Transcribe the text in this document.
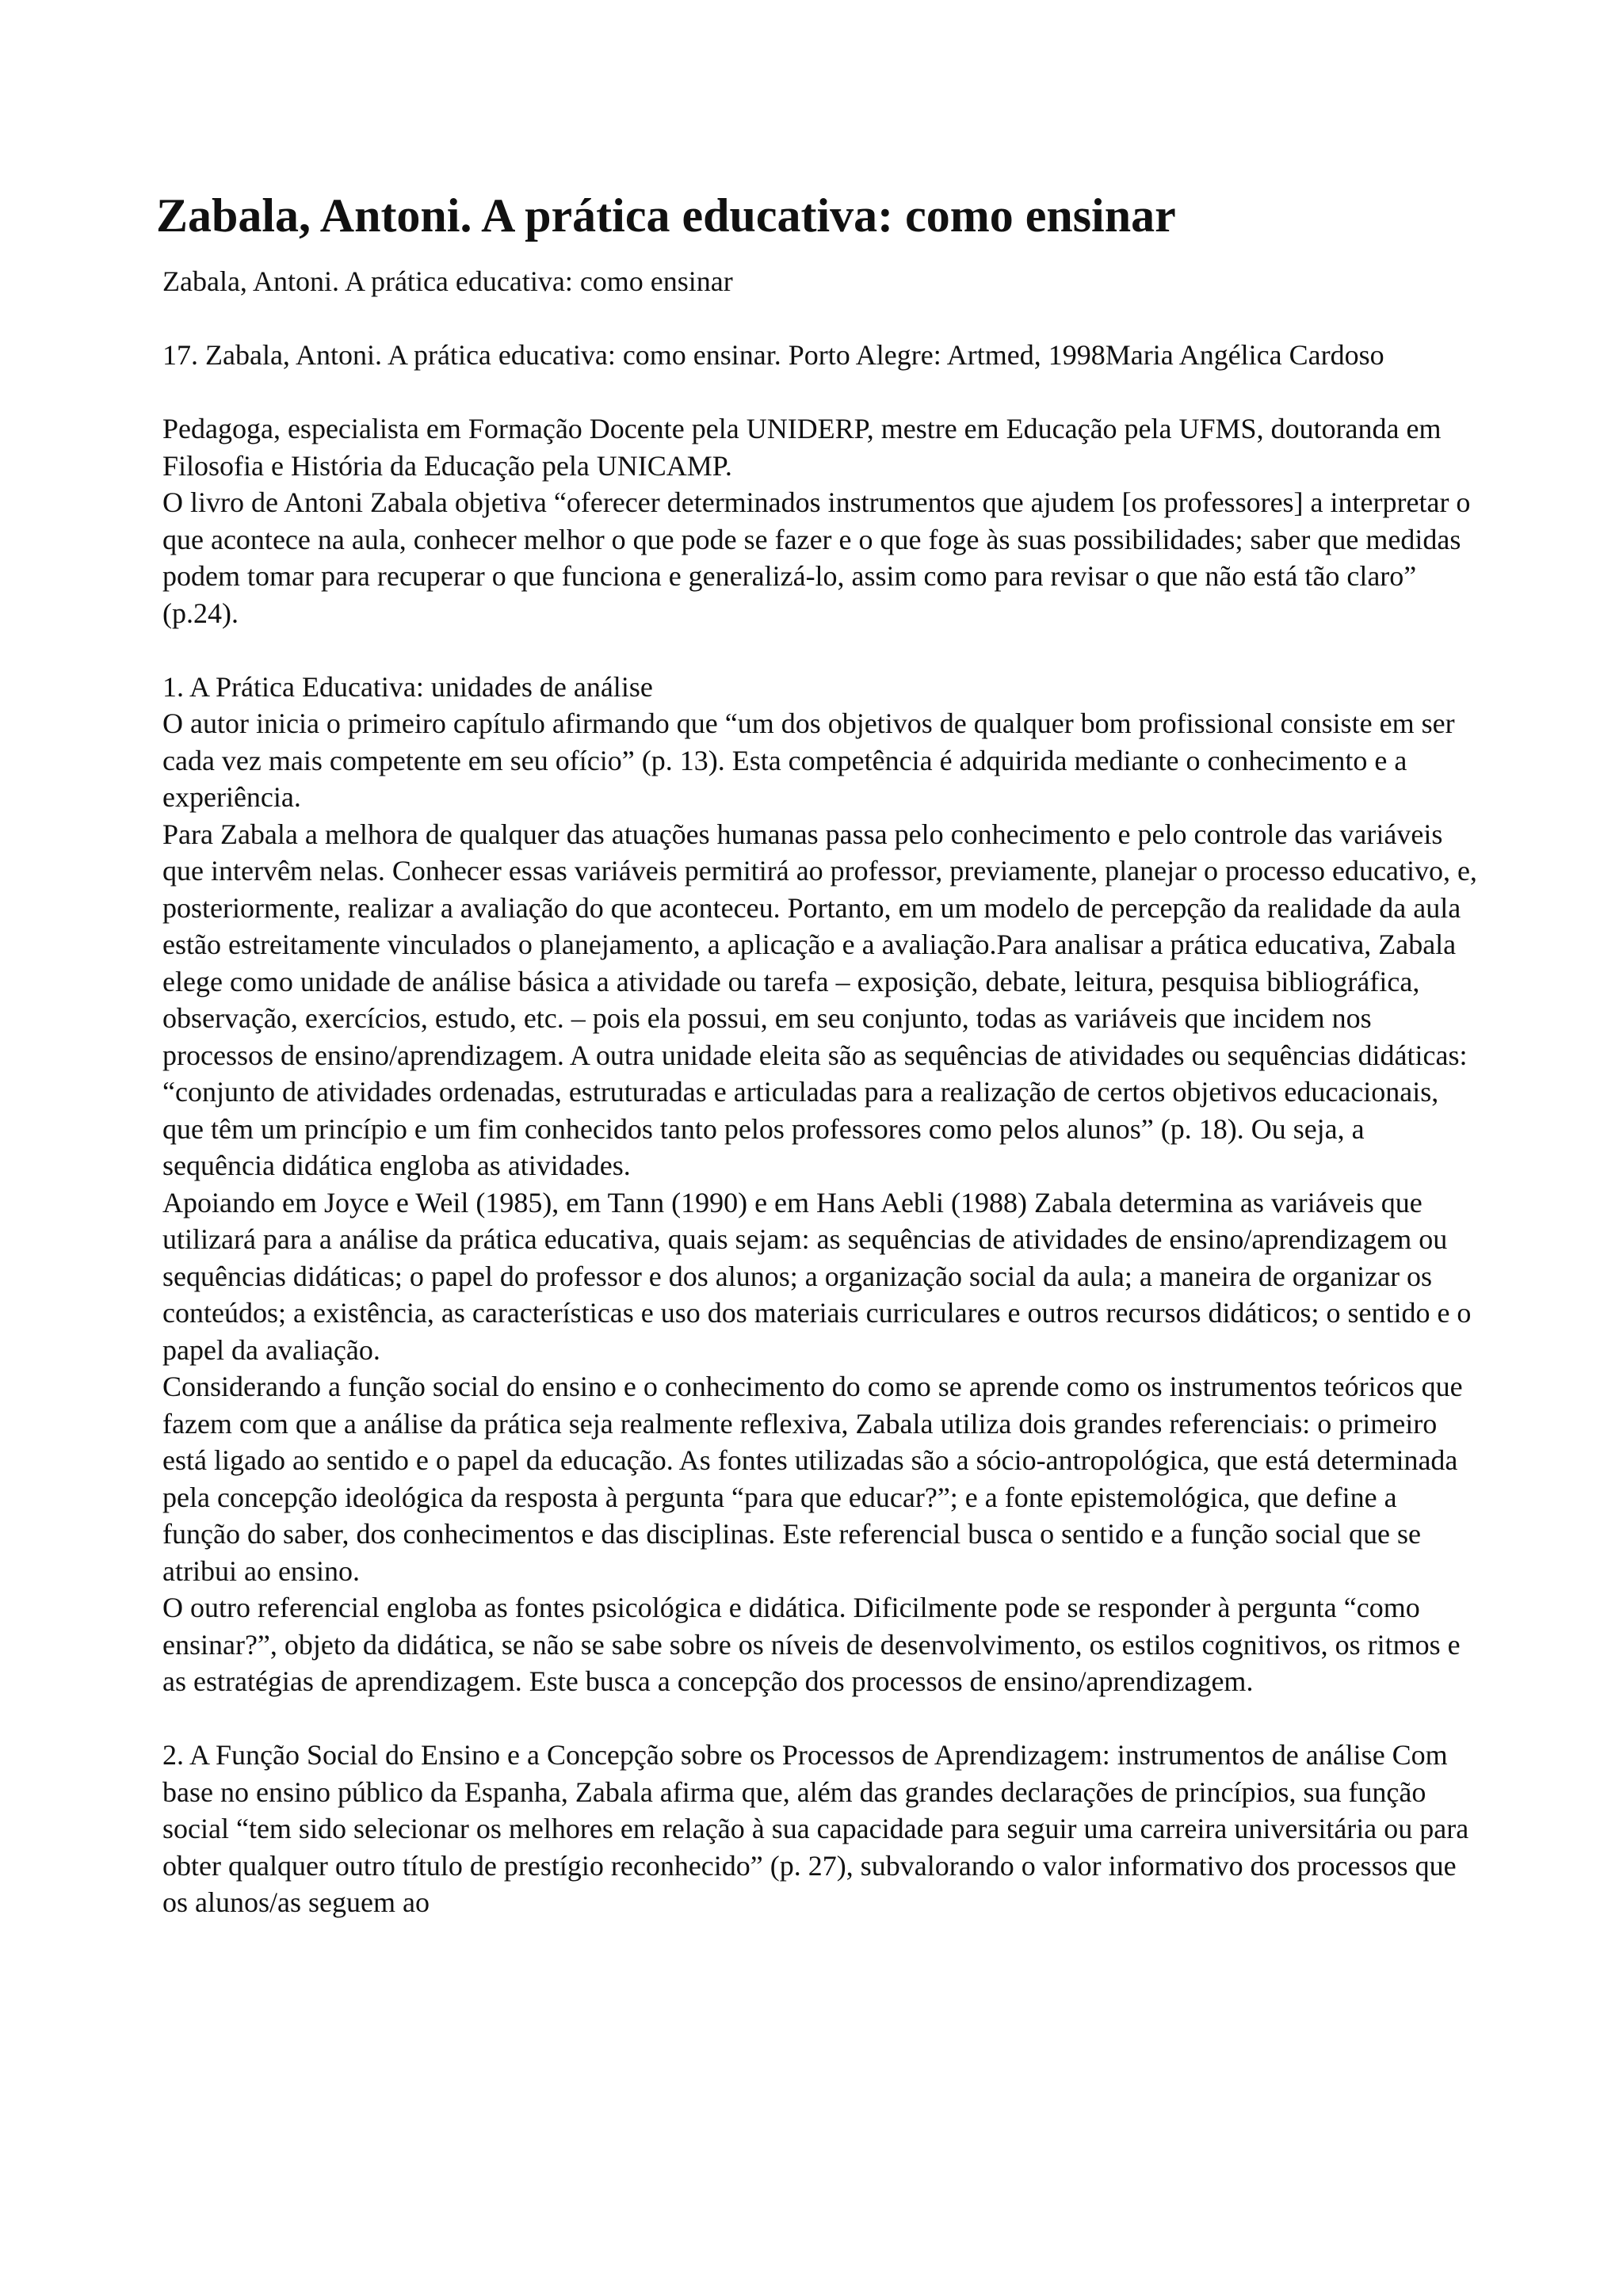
Zabala, Antoni. A prática educativa: como ensinar

Zabala, Antoni. A prática educativa: como ensinar

17. Zabala, Antoni. A prática educativa: como ensinar. Porto Alegre: Artmed, 1998Maria Angélica Cardoso

Pedagoga, especialista em Formação Docente pela UNIDERP, mestre em Educação pela UFMS, doutoranda em Filosofia e História da Educação pela UNICAMP.

O livro de Antoni Zabala objetiva “oferecer determinados instrumentos que ajudem [os professores] a interpretar o que acontece na aula, conhecer melhor o que pode se fazer e o que foge às suas possibilidades; saber que medidas podem tomar para recuperar o que funciona e generalizá-lo, assim como para revisar o que não está tão claro” (p.24).

1. A Prática Educativa: unidades de análise

O autor inicia o primeiro capítulo afirmando que “um dos objetivos de qualquer bom profissional consiste em ser cada vez mais competente em seu ofício” (p. 13). Esta competência é adquirida mediante o conhecimento e a experiência.

Para Zabala a melhora de qualquer das atuações humanas passa pelo conhecimento e pelo controle das variáveis que intervêm nelas. Conhecer essas variáveis permitirá ao professor, previamente, planejar o processo educativo, e, posteriormente, realizar a avaliação do que aconteceu. Portanto, em um modelo de percepção da realidade da aula estão estreitamente vinculados o planejamento, a aplicação e a avaliação.Para analisar a prática educativa, Zabala elege como unidade de análise básica a atividade ou tarefa – exposição, debate, leitura, pesquisa bibliográfica, observação, exercícios, estudo, etc. – pois ela possui, em seu conjunto, todas as variáveis que incidem nos processos de ensino/aprendizagem. A outra unidade eleita são as sequências de atividades ou sequências didáticas: “conjunto de atividades ordenadas, estruturadas e articuladas para a realização de certos objetivos educacionais, que têm um princípio e um fim conhecidos tanto pelos professores como pelos alunos” (p. 18). Ou seja, a sequência didática engloba as atividades.

Apoiando em Joyce e Weil (1985), em Tann (1990) e em Hans Aebli (1988) Zabala determina as variáveis que utilizará para a análise da prática educativa, quais sejam: as sequências de atividades de ensino/aprendizagem ou sequências didáticas; o papel do professor e dos alunos; a organização social da aula; a maneira de organizar os conteúdos; a existência, as características e uso dos materiais curriculares e outros recursos didáticos; o sentido e o papel da avaliação.

Considerando a função social do ensino e o conhecimento do como se aprende como os instrumentos teóricos que fazem com que a análise da prática seja realmente reflexiva, Zabala utiliza dois grandes referenciais: o primeiro está ligado ao sentido e o papel da educação. As fontes utilizadas são a sócio-antropológica, que está determinada pela concepção ideológica da resposta à pergunta “para que educar?”; e a fonte epistemológica, que define a função do saber, dos conhecimentos e das disciplinas. Este referencial busca o sentido e a função social que se atribui ao ensino.

O outro referencial engloba as fontes psicológica e didática. Dificilmente pode se responder à pergunta “como ensinar?”, objeto da didática, se não se sabe sobre os níveis de desenvolvimento, os estilos cognitivos, os ritmos e as estratégias de aprendizagem. Este busca a concepção dos processos de ensino/aprendizagem.

2. A Função Social do Ensino e a Concepção sobre os Processos de Aprendizagem: instrumentos de análise Com base no ensino público da Espanha, Zabala afirma que, além das grandes declarações de princípios, sua função social “tem sido selecionar os melhores em relação à sua capacidade para seguir uma carreira universitária ou para obter qualquer outro título de prestígio reconhecido” (p. 27), subvalorando o valor informativo dos processos que os alunos/as seguem ao
